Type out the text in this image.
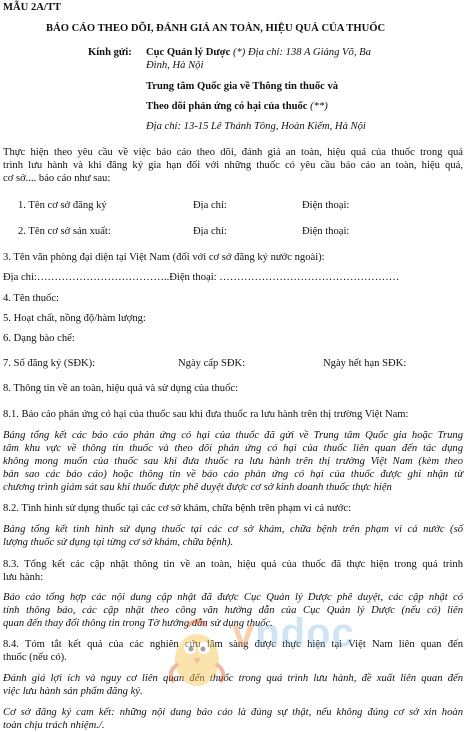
MẪU 2A/TT
BÁO CÁO THEO DÕI, ĐÁNH GIÁ AN TOÀN, HIỆU QUẢ CỦA THUỐC
Kính gửi: Cục Quản lý Dược (*) Địa chỉ: 138 A Giảng Võ, Ba
Đình, Hà Nội
Trung tâm Quốc gia về Thông tin thuốc và
Theo dõi phản ứng có hại của thuốc (**)
Địa chỉ: 13-15 Lê Thánh Tông, Hoàn Kiếm, Hà Nội
Thực hiện theo yêu cầu về việc báo cáo theo dõi, đánh giá an toàn, hiệu quả của thuốc trong quá
trình lưu hành và khi đăng ký gia hạn đối với những thuốc có yêu cầu báo cáo an toàn, hiệu quả,
cơ sở.... báo cáo như sau:
1. Tên cơ sở đăng ký	Địa chỉ:	Điện thoại:
2. Tên cơ sở sản xuất:	Địa chỉ:	Điện thoại:
3. Tên văn phòng đại diện tại Việt Nam (đối với cơ sở đăng ký nước ngoài):
Địa chỉ:………………………………..Điện thoại: ……………………………………………
4. Tên thuốc:
5. Hoạt chất, nồng độ/hàm lượng:
6. Dạng bào chế:
7. Số đăng ký (SĐK):	Ngày cấp SĐK:	Ngày hết hạn SĐK:
8. Thông tin về an toàn, hiệu quả và sử dụng của thuốc:
8.1. Báo cáo phản ứng có hại của thuốc sau khi đưa thuốc ra lưu hành trên thị trường Việt Nam:
Bảng tổng kết các báo cáo phản ứng có hại của thuốc đã gửi về Trung tâm Quốc gia hoặc Trung
tâm khu vực về thông tin thuốc và theo dõi phản ứng có hại của thuốc liên quan đến tác dụng
không mong muốn của thuốc sau khi đưa thuốc ra lưu hành trên thị trường Việt Nam (kèm theo
bản sao các báo cáo) hoặc thông tin về báo cáo phản ứng có hại của thuốc được ghi nhận từ
chương trình giám sát sau khi thuốc được phê duyệt được cơ sở kinh doanh thuốc thực hiện
8.2. Tình hình sử dụng thuốc tại các cơ sở khám, chữa bệnh trên phạm vi cả nước:
Bảng tổng kết tình hình sử dụng thuốc tại các cơ sở khám, chữa bệnh trên phạm vi cả nước (số
lượng thuốc sử dụng tại từng cơ sở khám, chữa bệnh).
8.3. Tổng kết các cập nhật thông tin về an toàn, hiệu quả của thuốc đã thực hiện trong quá trình
lưu hành:
Báo cáo tổng hợp các nội dung cập nhật đã được Cục Quản lý Dược phê duyệt, các cập nhật có
tính thông báo, các cập nhật theo công văn hướng dẫn của Cục Quản lý Dược (nếu có) liên
quan đến thay đổi thông tin trong Tờ hướng dẫn sử dụng thuốc.
8.4. Tóm tắt kết quả của các nghiên cứu lâm sàng được thực hiện tại Việt Nam liên quan đến
thuốc (nếu có).
Đánh giá lợi ích và nguy cơ liên quan đến thuốc trong quá trình lưu hành, đề xuất liên quan đến
việc lưu hành sản phẩm đăng ký.
Cơ sở đăng ký cam kết: những nội dung báo cáo là đúng sự thật, nếu không đúng cơ sở xin hoàn
toàn chịu trách nhiệm./.
vndoc
